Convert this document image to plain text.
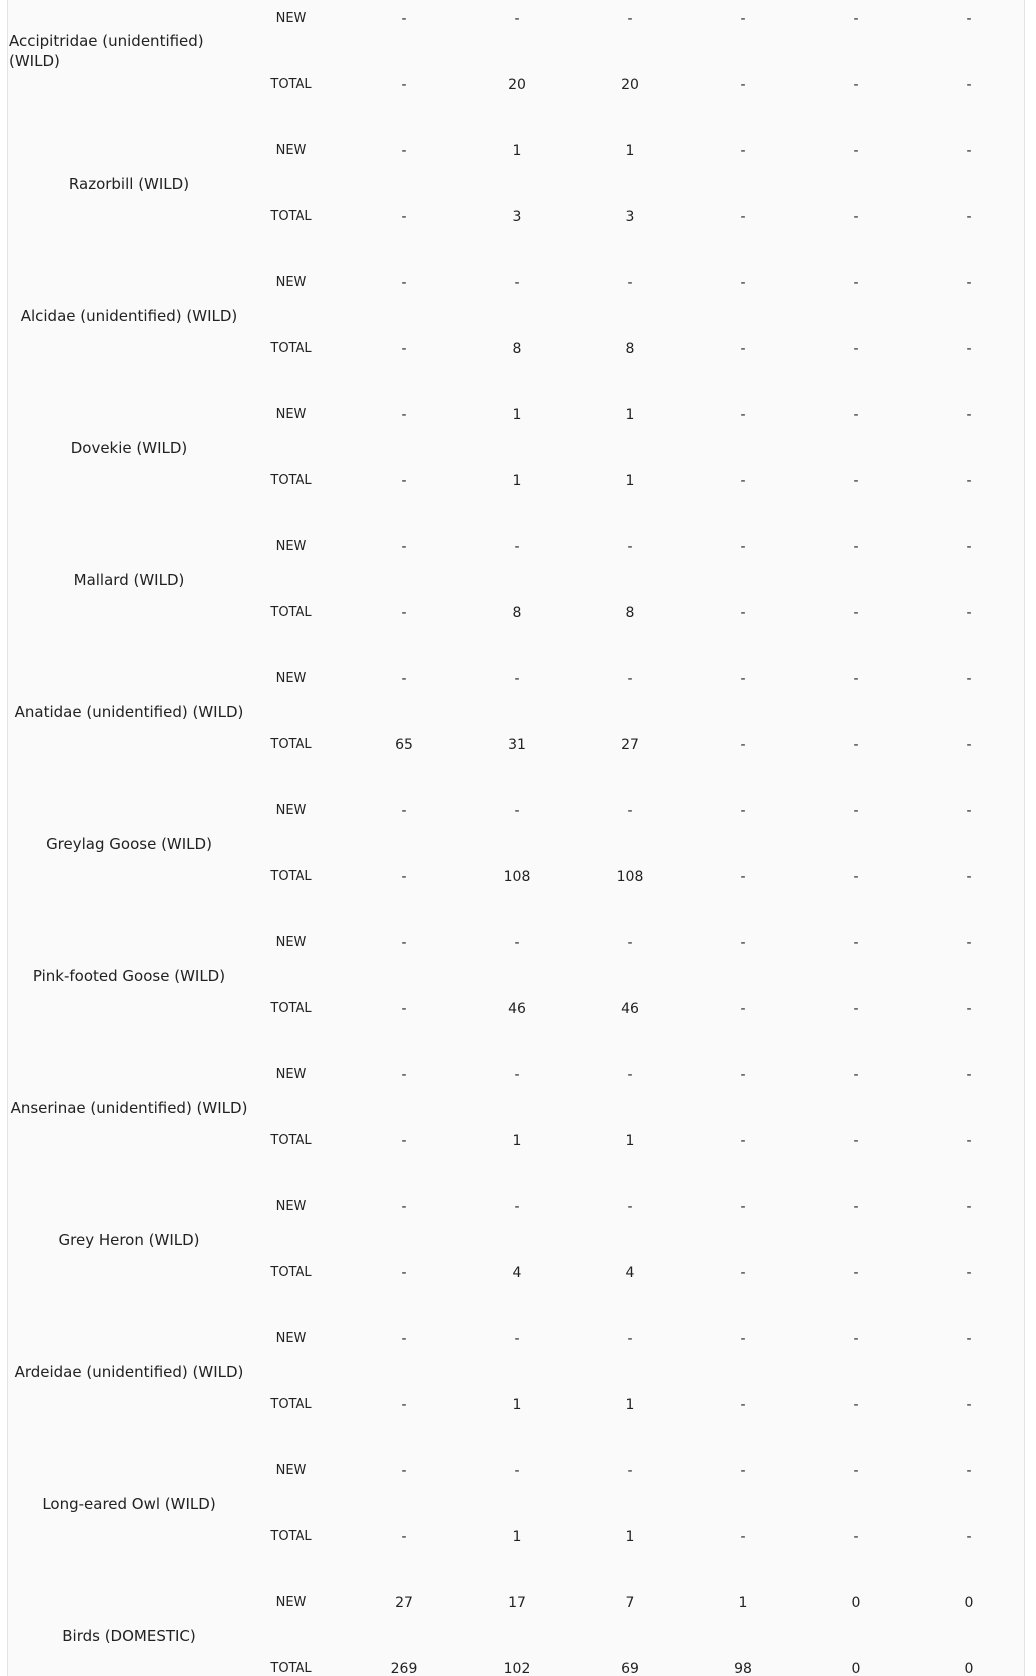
Accipitridae (unidentified) (WILD)
NEW	-	-	-	-	-	-
TOTAL	-	20	20	-	-	-
Razorbill (WILD)
NEW	-	1	1	-	-	-
TOTAL	-	3	3	-	-	-
Alcidae (unidentified) (WILD)
NEW	-	-	-	-	-	-
TOTAL	-	8	8	-	-	-
Dovekie (WILD)
NEW	-	1	1	-	-	-
TOTAL	-	1	1	-	-	-
Mallard (WILD)
NEW	-	-	-	-	-	-
TOTAL	-	8	8	-	-	-
Anatidae (unidentified) (WILD)
NEW	-	-	-	-	-	-
TOTAL	65	31	27	-	-	-
Greylag Goose (WILD)
NEW	-	-	-	-	-	-
TOTAL	-	108	108	-	-	-
Pink-footed Goose (WILD)
NEW	-	-	-	-	-	-
TOTAL	-	46	46	-	-	-
Anserinae (unidentified) (WILD)
NEW	-	-	-	-	-	-
TOTAL	-	1	1	-	-	-
Grey Heron (WILD)
NEW	-	-	-	-	-	-
TOTAL	-	4	4	-	-	-
Ardeidae (unidentified) (WILD)
NEW	-	-	-	-	-	-
TOTAL	-	1	1	-	-	-
Long-eared Owl (WILD)
NEW	-	-	-	-	-	-
TOTAL	-	1	1	-	-	-
Birds (DOMESTIC)
NEW	27	17	7	1	0	0
TOTAL	269	102	69	98	0	0
